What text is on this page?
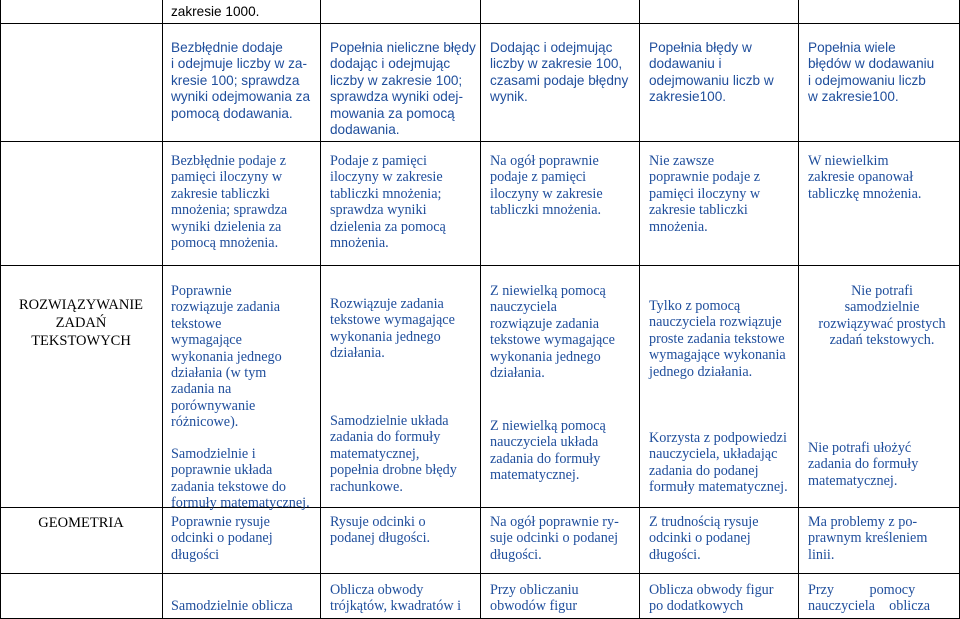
zakresie 1000.
Bezbłędnie dodaje
i odejmuje liczby w za-
kresie 100; sprawdza
wyniki odejmowania za
pomocą dodawania.
Popełnia nieliczne błędy
dodając i odejmując
liczby w zakresie 100;
sprawdza wyniki odej-
mowania za pomocą
dodawania.
Dodając i odejmując
liczby w zakresie 100,
czasami podaje błędny
wynik.
Popełnia błędy w
dodawaniu i
odejmowaniu liczb w
zakresie100.
Popełnia wiele
błędów w dodawaniu
i odejmowaniu liczb
w zakresie100.
Bezbłędnie podaje z
pamięci iloczyny w
zakresie tabliczki
mnożenia; sprawdza
wyniki dzielenia za
pomocą mnożenia.
Podaje z pamięci
iloczyny w zakresie
tabliczki mnożenia;
sprawdza wyniki
dzielenia za pomocą
mnożenia.
Na ogół poprawnie
podaje z pamięci
iloczyny w zakresie
tabliczki mnożenia.
Nie zawsze
poprawnie podaje z
pamięci iloczyny w
zakresie tabliczki
mnożenia.
W niewielkim
zakresie opanował
tabliczkę mnożenia.
ROZWIĄZYWANIE
ZADAŃ
TEKSTOWYCH
Poprawnie
rozwiązuje zadania
tekstowe
wymagające
wykonania jednego
działania (w tym
zadania na
porównywanie
różnicowe).
Samodzielnie i
poprawnie układa
zadania tekstowe do
formuły matematycznej.
Rozwiązuje zadania
tekstowe wymagające
wykonania jednego
działania.
Samodzielnie układa
zadania do formuły
matematycznej,
popełnia drobne błędy
rachunkowe.
Z niewielką pomocą
nauczyciela
rozwiązuje zadania
tekstowe wymagające
wykonania jednego
działania.
Z niewielką pomocą
nauczyciela układa
zadania do formuły
matematycznej.
Tylko z pomocą
nauczyciela rozwiązuje
proste zadania tekstowe
wymagające wykonania
jednego działania.
Korzysta z podpowiedzi
nauczyciela, układając
zadania do podanej
formuły matematycznej.
Nie potrafi
samodzielnie
rozwiązywać prostych
zadań tekstowych.
Nie potrafi ułożyć
zadania do formuły
matematycznej.
GEOMETRIA	Poprawnie rysuje
odcinki o podanej
długości
Rysuje odcinki o
podanej długości.
Na ogół poprawnie ry-
suje odcinki o podanej
długości.
Z trudnością rysuje
odcinki o podanej
długości.
Ma problemy z po-
prawnym kreśleniem
linii.
Samodzielnie oblicza
Oblicza obwody
trójkątów, kwadratów i
Przy obliczaniu
obwodów figur
Oblicza obwody figur
po dodatkowych
Przy          pomocy
nauczyciela    oblicza
